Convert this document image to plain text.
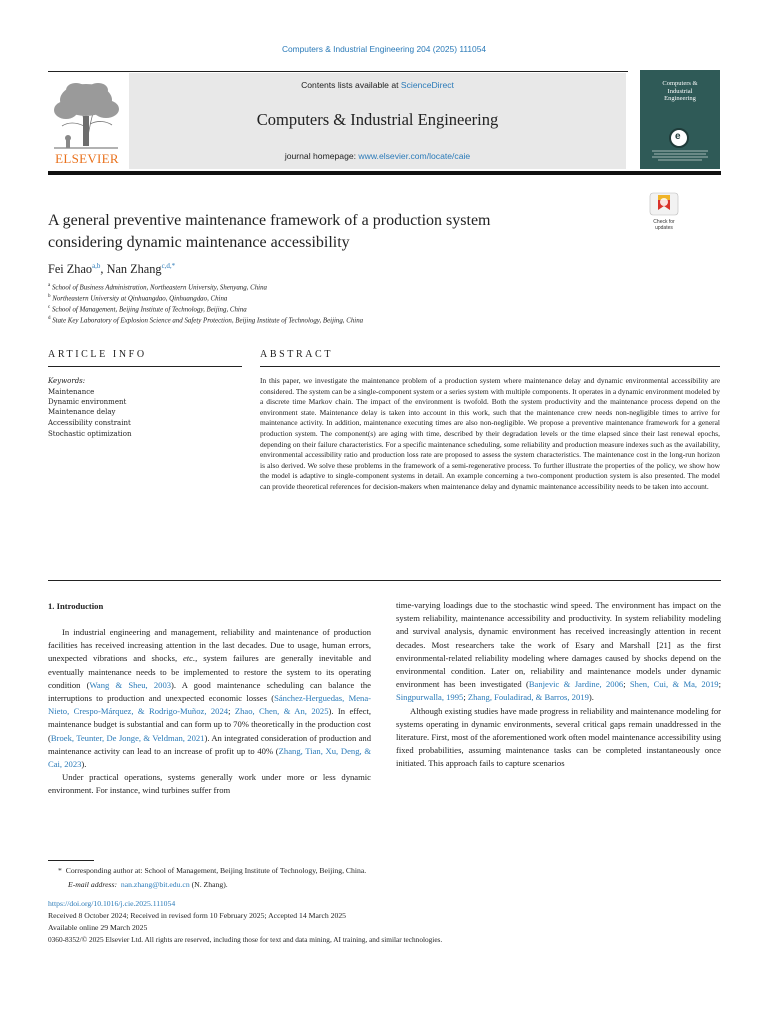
Computers & Industrial Engineering 204 (2025) 111054
Contents lists available at ScienceDirect
Computers & Industrial Engineering
journal homepage: www.elsevier.com/locate/caie
ELSEVIER
Computers &
Industrial
Engineering
e
Check for
updates
A general preventive maintenance framework of a production system
considering dynamic maintenance accessibility
Fei Zhao$^{a,b}$, Nan Zhang$^{c,d,*}$
$^a$ School of Business Administration, Northeastern University, Shenyang, China
$^b$ Northeastern University at Qinhuangdao, Qinhuangdao, China
$^c$ School of Management, Beijing Institute of Technology, Beijing, China
$^d$ State Key Laboratory of Explosion Science and Safety Protection, Beijing Institute of Technology, Beijing, China
ARTICLE INFO	ABSTRACT
Keywords:
Maintenance
Dynamic environment
Maintenance delay
Accessibility constraint
Stochastic optimization
In this paper, we investigate the maintenance problem of a production system where maintenance delay and dynamic environmental accessibility are considered. The system can be a single-component system or a series system with multiple components. It operates in a dynamic environment modeled by a discrete time Markov chain. The impact of the environment is twofold. Both the system productivity and the maintenance process depend on the environment state. Maintenance delay is taken into account in this work, such that the maintenance crew needs non-negligible times to arrive for maintenance activity. In addition, maintenance executing times are also non-negligible. We propose a preventive maintenance framework for a general production system. The component(s) are aging with time, described by their degradation levels or the time elapsed since their last renewal epochs, depending on their failure characteristics. For a specific maintenance scheduling, some reliability and production measure indexes such as the availability, environmental accessibility ratio and production loss rate are proposed to assess the system characteristics. The maintenance cost in the long-run horizon is also derived. We solve these problems in the framework of a semi-regenerative process. To further illustrate the properties of the policy, we show how the model is adaptive to single-component systems in detail. An example concerning a two-component production system is also presented. The model can provide theoretical references for decision-makers when maintenance delay and dynamic maintenance accessibility needs to be taken into account.
1. Introduction

In industrial engineering and management, reliability and maintenance of production facilities has received increasing attention in the last decades. Due to usage, human errors, unexpected vibrations and shocks, etc., system failures are generally inevitable and eventually maintenance needs to be implemented to restore the system to its operating condition (Wang & Sheu, 2003). A good maintenance scheduling can balance the interruptions to production and unexpected economic losses (Sánchez-Herguedas, Mena-Nieto, Crespo-Márquez, & Rodrigo-Muñoz, 2024; Zhao, Chen, & An, 2025). In effect, maintenance budget is substantial and can form up to 70% theoretically in the production cost (Broek, Teunter, De Jonge, & Veldman, 2021). An integrated consideration of production and maintenance activity can lead to an increase of profit up to 40% (Zhang, Tian, Xu, Deng, & Cai, 2023).

Under practical operations, systems generally work under more or less dynamic environment. For instance, wind turbines suffer from

time-varying loadings due to the stochastic wind speed. The environment has impact on the system reliability, maintenance accessibility and productivity. In system reliability modeling and survival analysis, dynamic environment has received increasingly attention in recent decades. Most researchers take the work of Esary and Marshall [21] as the first environmental-related reliability modeling where damages caused by shocks depend on the environmental condition. Later on, reliability and maintenance models under dynamic environment has been investigated (Banjevic & Jardine, 2006; Shen, Cui, & Ma, 2019; Singpurwalla, 1995; Zhang, Fouladirad, & Barros, 2019).

Although existing studies have made progress in reliability and maintenance modeling for systems operating in dynamic environments, several critical gaps remain unaddressed in the literature. First, most of the aforementioned work often model maintenance accessibility using fixed probabilities, assuming maintenance tasks can be completed instantaneously once initiated. This approach fails to capture scenarios

* Corresponding author at: School of Management, Beijing Institute of Technology, Beijing, China.
E-mail address: nan.zhang@bit.edu.cn (N. Zhang).
https://doi.org/10.1016/j.cie.2025.111054
Received 8 October 2024; Received in revised form 10 February 2025; Accepted 14 March 2025
Available online 29 March 2025
0360-8352/© 2025 Elsevier Ltd. All rights are reserved, including those for text and data mining, AI training, and similar technologies.
